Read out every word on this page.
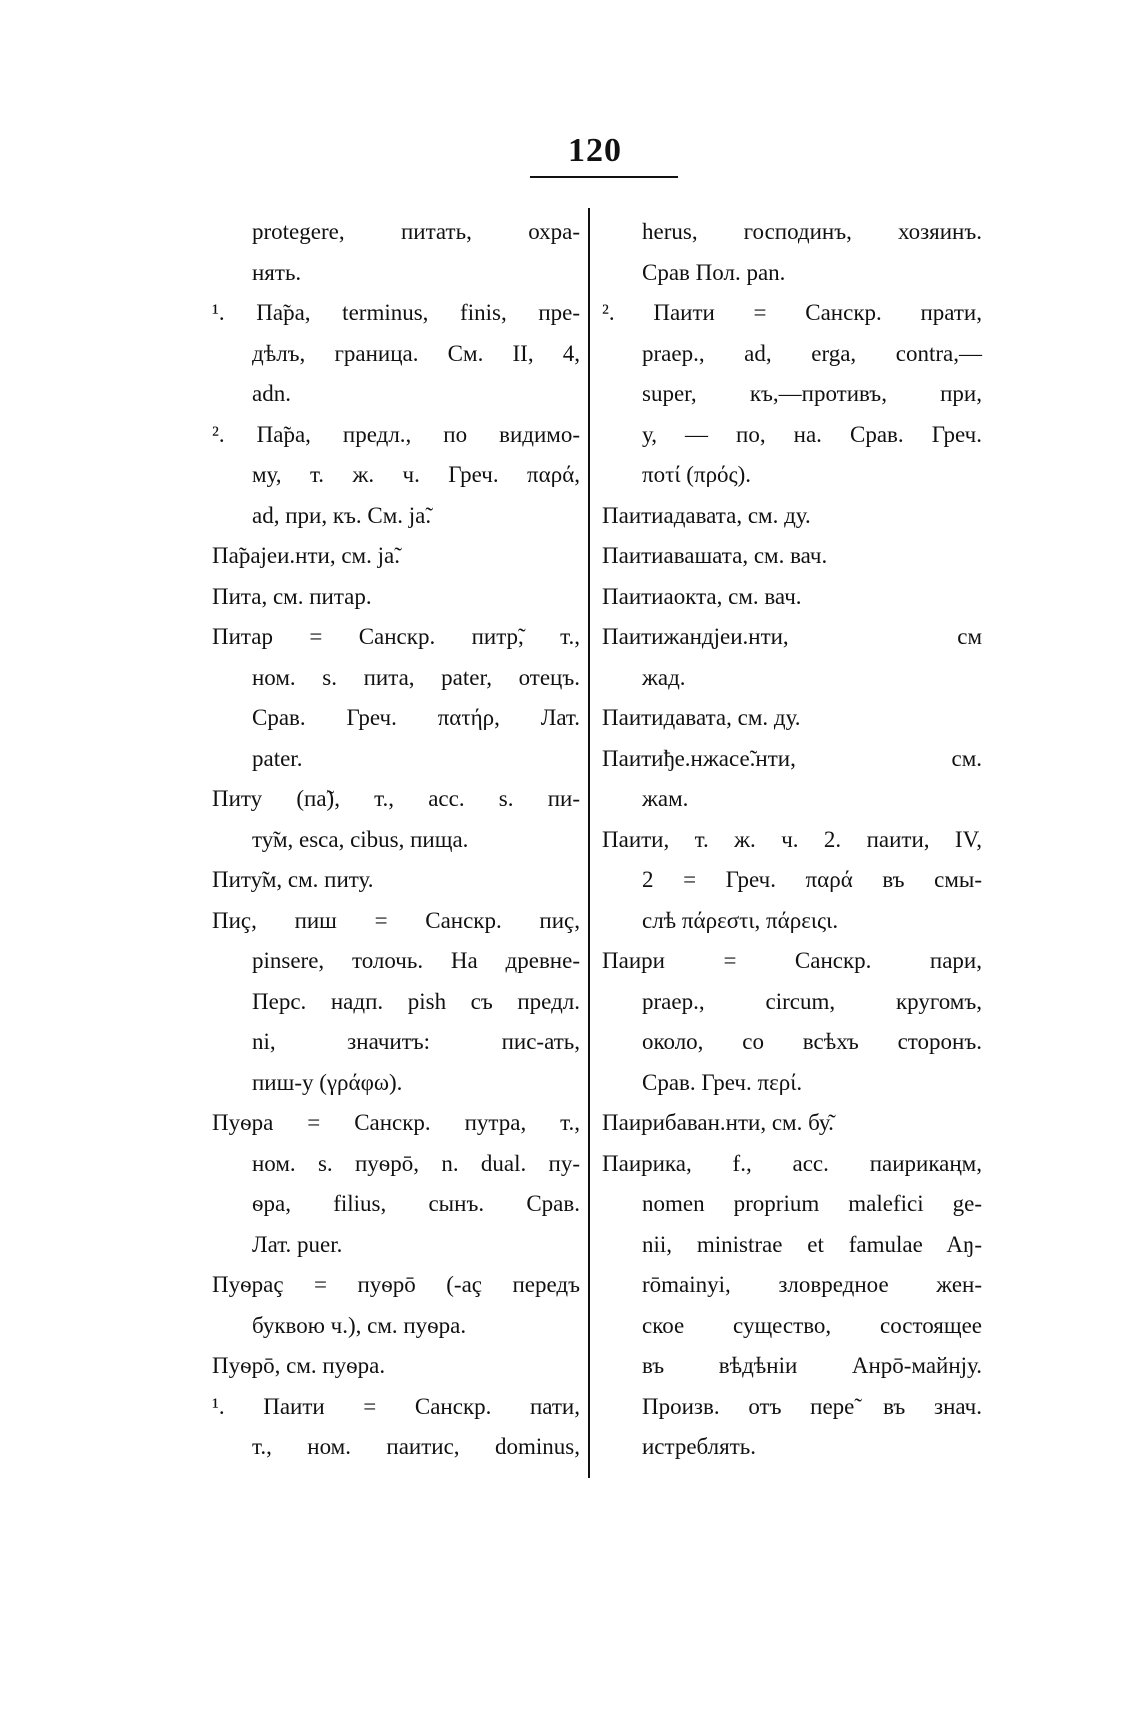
120
protegere, питать, охра-
нять.
¹. Па̃ра, terminus, finis, пре-
дѣлъ, граница. См. II, 4,
adn.
². Па̃ра, предл., по видимо-
му, т. ж. ч. Греч. παρά,
ad, при, къ. См. ја̃.
Па̃рајеи.нти, см. ја̃.
Пита, см. питар.
Питар = Санскр. питр̃, т.,
ном. s. пита, pater, отецъ.
Срав. Греч. πατήρ, Лат.
pater.
Питу (па̃), т., acc. s. пи-
ту̃м, esca, cibus, пища.
Питу̃м, см. питу.
Пиç, пиш = Санскр. пиç,
pinsere, толочь. На древне-
Перс. надп. pish съ предл.
ni, значитъ: пис-ать,
пиш-у (γράφω).
Пуѳра = Санскр. путра, т.,
ном. s. пуѳрō, n. dual. пу-
ѳра, filius, сынъ. Срав.
Лат. puer.
Пуѳраç = пуѳрō (-аç передъ
буквою ч.), см. пуѳра.
Пуѳрō, см. пуѳра.
¹. Паити = Санскр. пати,
т., ном. паитис, dominus,
herus, господинъ, хозяинъ.
Срав Пол. pan.
². Паити = Санскр. прати,
praep., ad, erga, contra,—
super, къ,—противъ, при,
у, — по, на. Срав. Греч.
ποτί (πρός).
Паитиадавата, см. ду.
Паитиавашата, см. вач.
Паитиаокта, см. вач.
Паитижандјеи.нти, см
жад.
Паитидавата, см. ду.
Паитиђе.нжасе̃.нти, см.
жам.
Паити, т. ж. ч. 2. паити, IV,
2 = Греч. παρά въ смы-
слѣ πάρεστι, πάρειςι.
Паири = Санскр. пари,
praep., circum, кругомъ,
около, со всѣхъ сторонъ.
Срав. Греч. περί.
Паирибаван.нти, см. бу̃.
Паирика, f., acc. паирикаңм,
nomen proprium malefici ge-
nii, ministrae et famulae Aŋ-
rōmainyi, зловредное жен-
ское существо, состоящее
въ вѣдѣніи Анрō-майнју.
Произв. отъ пере̃ въ знач.
истреблять.
